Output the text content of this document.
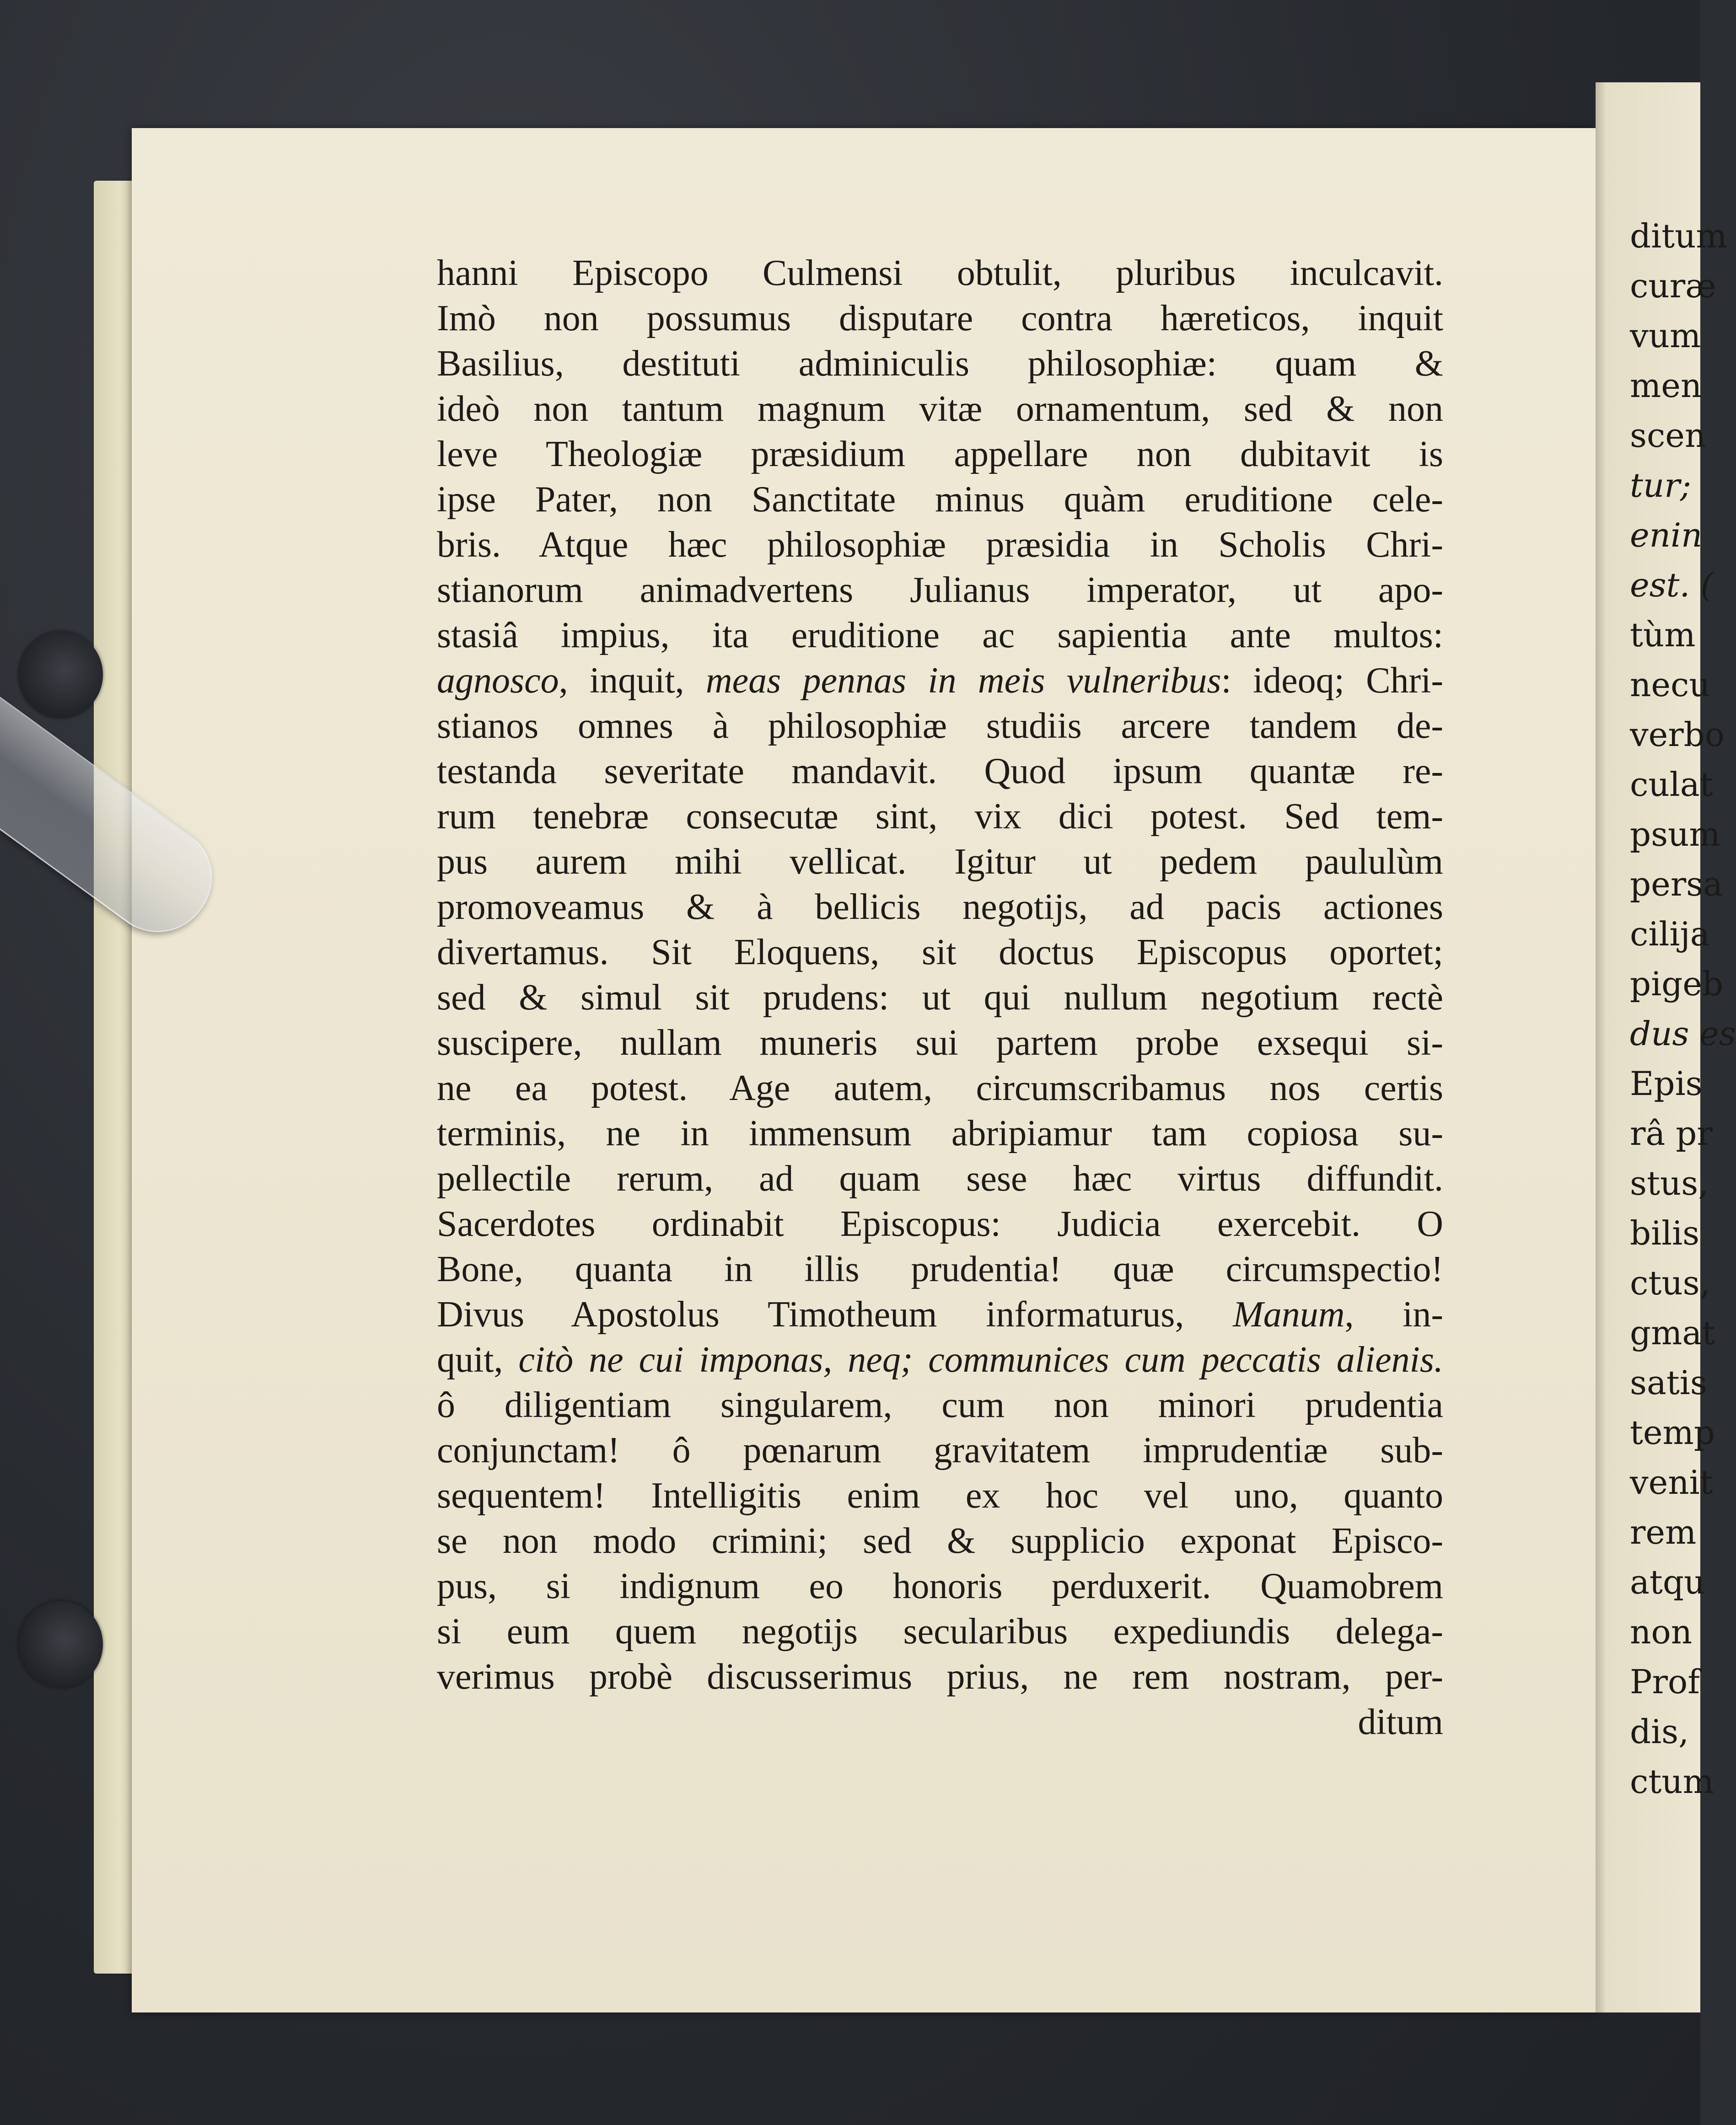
ditum
curæ
vum
men
scen
tur;
enin
est. (
tùm
necu
verbo
culat
psum
persa
cilija
pigeb
dus es
Epis
râ pr
stus,
bilis
ctus,
gmat
satis
temp
venit
rem
atqu
non
Prof
dis,
ctum
hanni Episcopo Culmensi obtulit, pluribus inculcavit.
Imò non possumus disputare contra hæreticos, inquit
Basilius, destituti adminiculis philosophiæ: quam &
ideò non tantum magnum vitæ ornamentum, sed & non
leve Theologiæ præsidium appellare non dubitavit is
ipse Pater, non Sanctitate minus quàm eruditione cele-
bris. Atque hæc philosophiæ præsidia in Scholis Chri-
stianorum animadvertens Julianus imperator, ut apo-
stasiâ impius, ita eruditione ac sapientia ante multos:
agnosco, inquit, meas pennas in meis vulneribus: ideoq; Chri-
stianos omnes à philosophiæ studiis arcere tandem de-
testanda severitate mandavit. Quod ipsum quantæ re-
rum tenebræ consecutæ sint, vix dici potest. Sed tem-
pus aurem mihi vellicat. Igitur ut pedem paululùm
promoveamus & à bellicis negotijs, ad pacis actiones
divertamus. Sit Eloquens, sit doctus Episcopus oportet;
sed & simul sit prudens: ut qui nullum negotium rectè
suscipere, nullam muneris sui partem probe exsequi si-
ne ea potest. Age autem, circumscribamus nos certis
terminis, ne in immensum abripiamur tam copiosa su-
pellectile rerum, ad quam sese hæc virtus diffundit.
Sacerdotes ordinabit Episcopus: Judicia exercebit. O
Bone, quanta in illis prudentia! quæ circumspectio!
Divus Apostolus Timotheum informaturus, Manum, in-
quit, citò ne cui imponas, neq; communices cum peccatis alienis.
ô diligentiam singularem, cum non minori prudentia
conjunctam! ô pœnarum gravitatem imprudentiæ sub-
sequentem! Intelligitis enim ex hoc vel uno, quanto
se non modo crimini; sed & supplicio exponat Episco-
pus, si indignum eo honoris perduxerit. Quamobrem
si eum quem negotijs secularibus expediundis delega-
verimus probè discusserimus prius, ne rem nostram, per-
ditum
